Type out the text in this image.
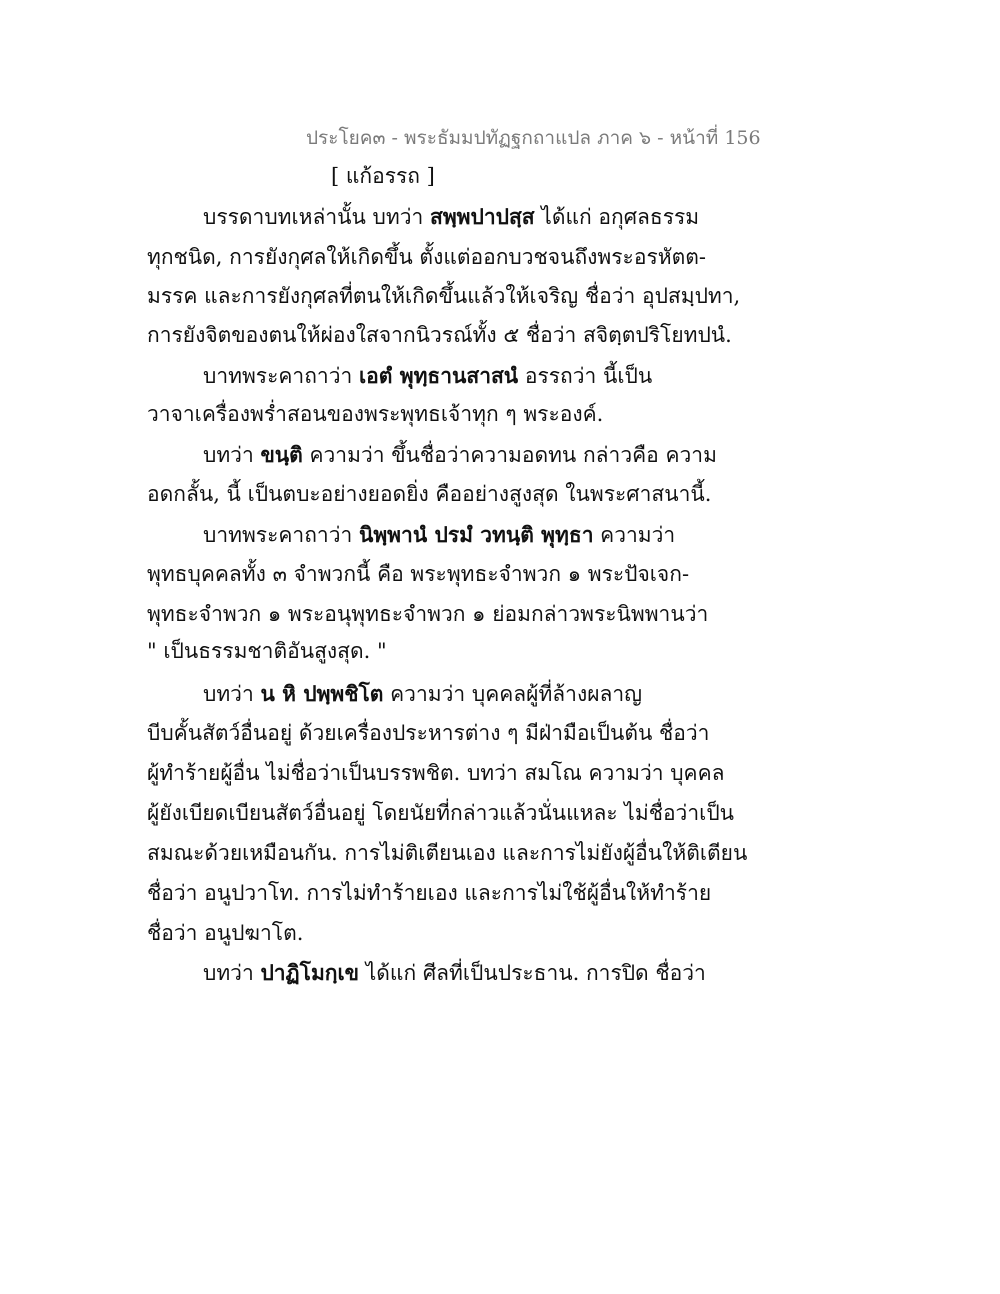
ประโยค๓ - พระธัมมปทัฏฐกถาแปล ภาค ๖ - หน้าที่ 156
[ แก้อรรถ ]
บรรดาบทเหล่านั้น บทว่า สพฺพปาปสฺส ได้แก่ อกุศลธรรม
ทุกชนิด, การยังกุศลให้เกิดขึ้น ตั้งแต่ออกบวชจนถึงพระอรหัตต-
มรรค และการยังกุศลที่ตนให้เกิดขึ้นแล้วให้เจริญ ชื่อว่า อุปสมฺปทา,
การยังจิตของตนให้ผ่องใสจากนิวรณ์ทั้ง ๕ ชื่อว่า สจิตฺตปริโยทปนํ.
บาทพระคาถาว่า เอตํ พุทฺธานสาสนํ อรรถว่า นี้เป็น
วาจาเครื่องพร่ำสอนของพระพุทธเจ้าทุก ๆ พระองค์.
บทว่า ขนฺติ ความว่า ขึ้นชื่อว่าความอดทน กล่าวคือ ความ
อดกลั้น, นี้ เป็นตบะอย่างยอดยิ่ง คืออย่างสูงสุด ในพระศาสนานี้.
บาทพระคาถาว่า นิพฺพานํ ปรมํ วทนฺติ พุทฺธา ความว่า
พุทธบุคคลทั้ง ๓ จำพวกนี้ คือ พระพุทธะจำพวก ๑ พระปัจเจก-
พุทธะจำพวก ๑ พระอนุพุทธะจำพวก ๑ ย่อมกล่าวพระนิพพานว่า
" เป็นธรรมชาติอันสูงสุด. "
บทว่า น หิ ปพฺพชิโต ความว่า บุคคลผู้ที่ล้างผลาญ
บีบคั้นสัตว์อื่นอยู่ ด้วยเครื่องประหารต่าง ๆ มีฝ่ามือเป็นต้น ชื่อว่า
ผู้ทำร้ายผู้อื่น ไม่ชื่อว่าเป็นบรรพชิต. บทว่า สมโณ ความว่า บุคคล
ผู้ยังเบียดเบียนสัตว์อื่นอยู่ โดยนัยที่กล่าวแล้วนั่นแหละ ไม่ชื่อว่าเป็น
สมณะด้วยเหมือนกัน. การไม่ติเตียนเอง และการไม่ยังผู้อื่นให้ติเตียน
ชื่อว่า อนูปวาโท. การไม่ทำร้ายเอง และการไม่ใช้ผู้อื่นให้ทำร้าย
ชื่อว่า อนูปฆาโต.
บทว่า ปาฏิโมกฺเข ได้แก่ ศีลที่เป็นประธาน. การปิด ชื่อว่า
